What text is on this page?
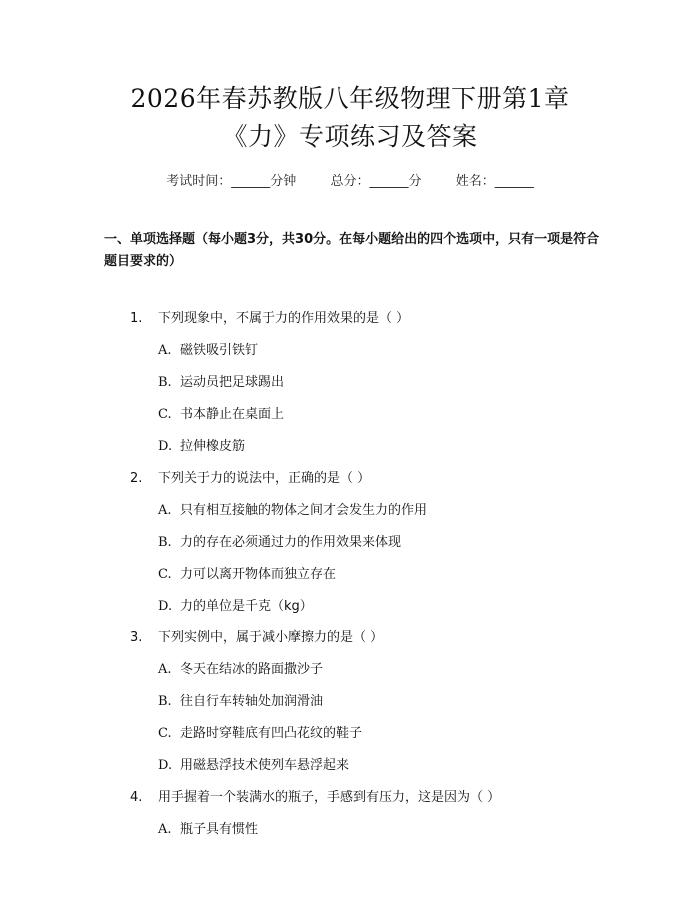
2026年春苏教版八年级物理下册第1章
《力》专项练习及答案
考试时间：______分钟	总分：______分	姓名：______
一、单项选择题（每小题3分，共30分。在每小题给出的四个选项中，只有一项是符合题目要求的）
1. 下列现象中，不属于力的作用效果的是（ ）
A. 磁铁吸引铁钉
B. 运动员把足球踢出
C. 书本静止在桌面上
D. 拉伸橡皮筋
2. 下列关于力的说法中，正确的是（ ）
A. 只有相互接触的物体之间才会发生力的作用
B. 力的存在必须通过力的作用效果来体现
C. 力可以离开物体而独立存在
D. 力的单位是千克（kg）
3. 下列实例中，属于减小摩擦力的是（ ）
A. 冬天在结冰的路面撒沙子
B. 往自行车转轴处加润滑油
C. 走路时穿鞋底有凹凸花纹的鞋子
D. 用磁悬浮技术使列车悬浮起来
4. 用手握着一个装满水的瓶子，手感到有压力，这是因为（ ）
A. 瓶子具有惯性
